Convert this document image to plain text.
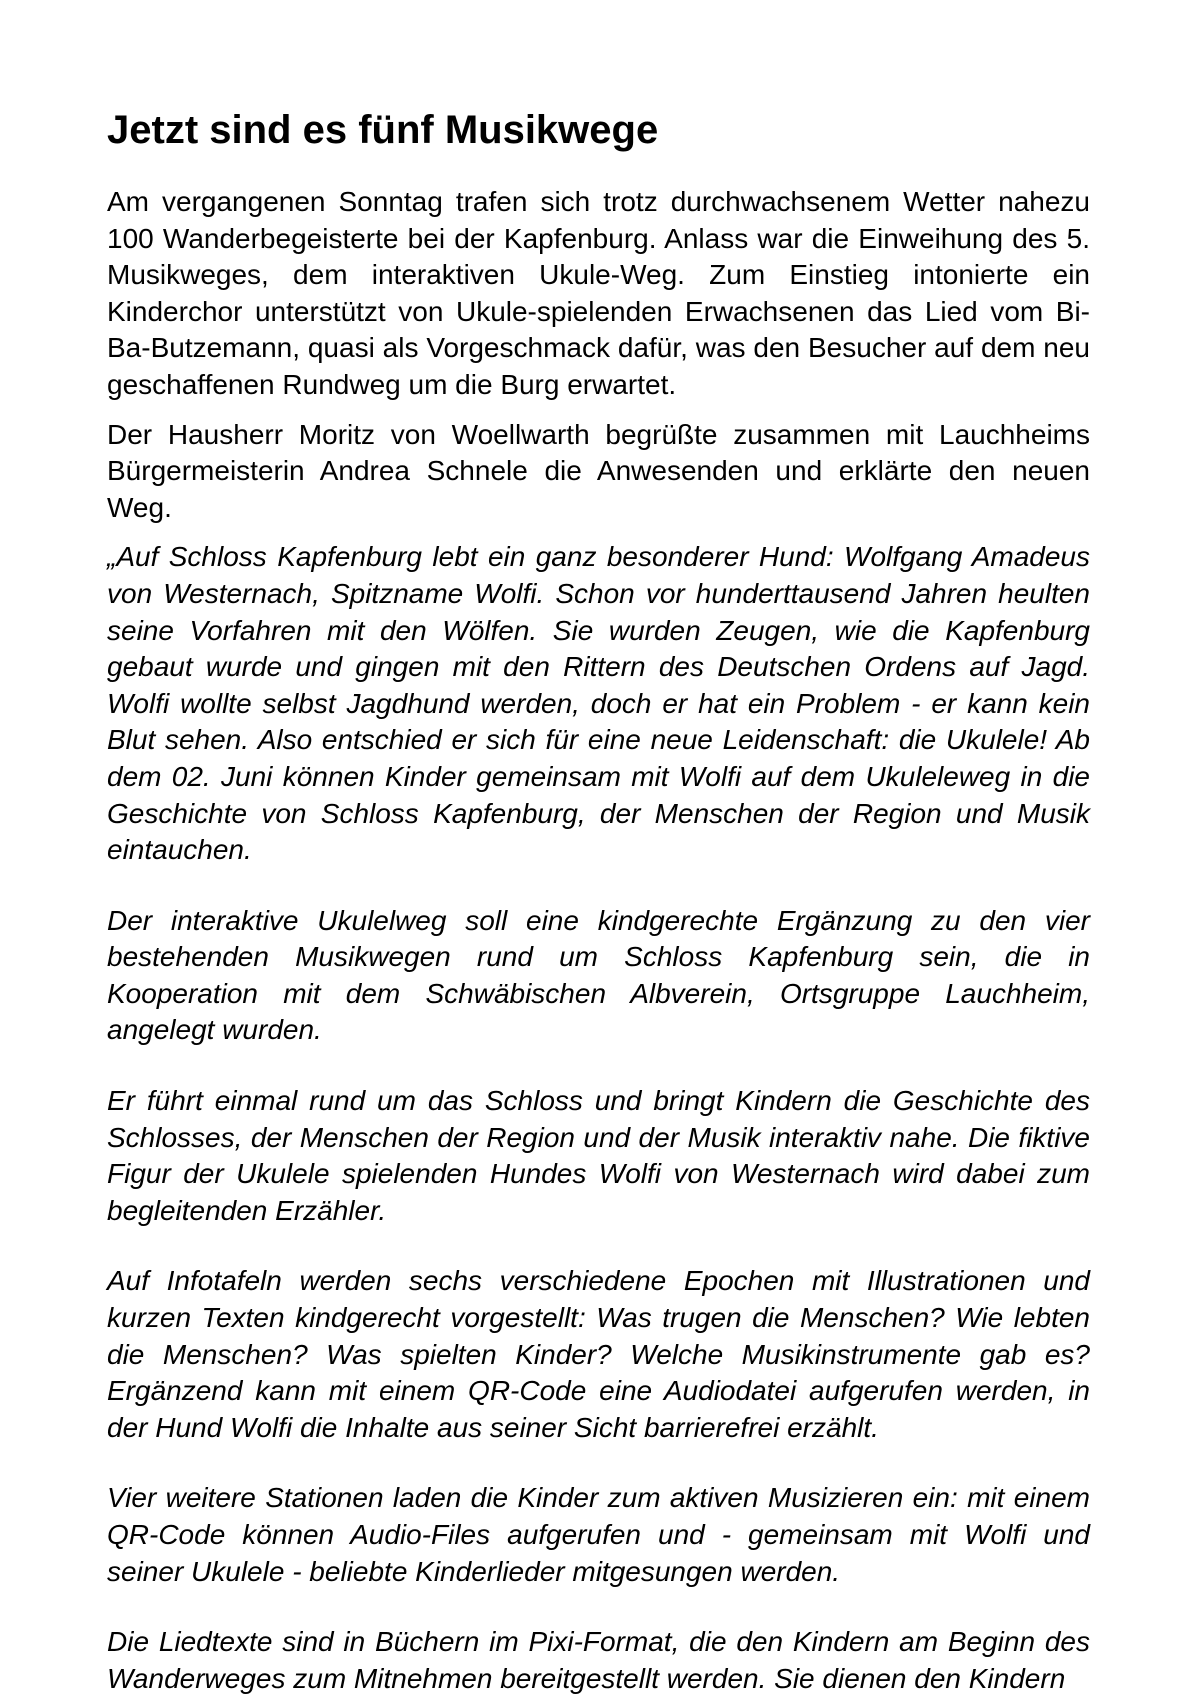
Jetzt sind es fünf Musikwege

Am vergangenen Sonntag trafen sich trotz durchwachsenem Wetter nahezu 100 Wanderbegeisterte bei der Kapfenburg. Anlass war die Einweihung des 5. Musikweges, dem interaktiven Ukule-Weg. Zum Einstieg intonierte ein Kinderchor unterstützt von Ukule-spielenden Erwachsenen das Lied vom Bi-Ba-Butzemann, quasi als Vorgeschmack dafür, was den Besucher auf dem neu geschaffenen Rundweg um die Burg erwartet.

Der Hausherr Moritz von Woellwarth begrüßte zusammen mit Lauchheims Bürgermeisterin Andrea Schnele die Anwesenden und erklärte den neuen Weg.

„Auf Schloss Kapfenburg lebt ein ganz besonderer Hund: Wolfgang Amadeus von Westernach, Spitzname Wolfi. Schon vor hunderttausend Jahren heulten seine Vorfahren mit den Wölfen. Sie wurden Zeugen, wie die Kapfenburg gebaut wurde und gingen mit den Rittern des Deutschen Ordens auf Jagd. Wolfi wollte selbst Jagdhund werden, doch er hat ein Problem - er kann kein Blut sehen. Also entschied er sich für eine neue Leidenschaft: die Ukulele! Ab dem 02. Juni können Kinder gemeinsam mit Wolfi auf dem Ukuleleweg in die Geschichte von Schloss Kapfenburg, der Menschen der Region und Musik eintauchen.

Der interaktive Ukulelweg soll eine kindgerechte Ergänzung zu den vier bestehenden Musikwegen rund um Schloss Kapfenburg sein, die in Kooperation mit dem Schwäbischen Albverein, Ortsgruppe Lauchheim, angelegt wurden.

Er führt einmal rund um das Schloss und bringt Kindern die Geschichte des Schlosses, der Menschen der Region und der Musik interaktiv nahe. Die fiktive Figur der Ukulele spielenden Hundes Wolfi von Westernach wird dabei zum begleitenden Erzähler.

Auf Infotafeln werden sechs verschiedene Epochen mit Illustrationen und kurzen Texten kindgerecht vorgestellt: Was trugen die Menschen? Wie lebten die Menschen? Was spielten Kinder? Welche Musikinstrumente gab es? Ergänzend kann mit einem QR-Code eine Audiodatei aufgerufen werden, in der Hund Wolfi die Inhalte aus seiner Sicht barrierefrei erzählt.

Vier weitere Stationen laden die Kinder zum aktiven Musizieren ein: mit einem QR-Code können Audio-Files aufgerufen und - gemeinsam mit Wolfi und seiner Ukulele - beliebte Kinderlieder mitgesungen werden.

Die Liedtexte sind in Büchern im Pixi-Format, die den Kindern am Beginn des Wanderweges zum Mitnehmen bereitgestellt werden. Sie dienen den Kindern
